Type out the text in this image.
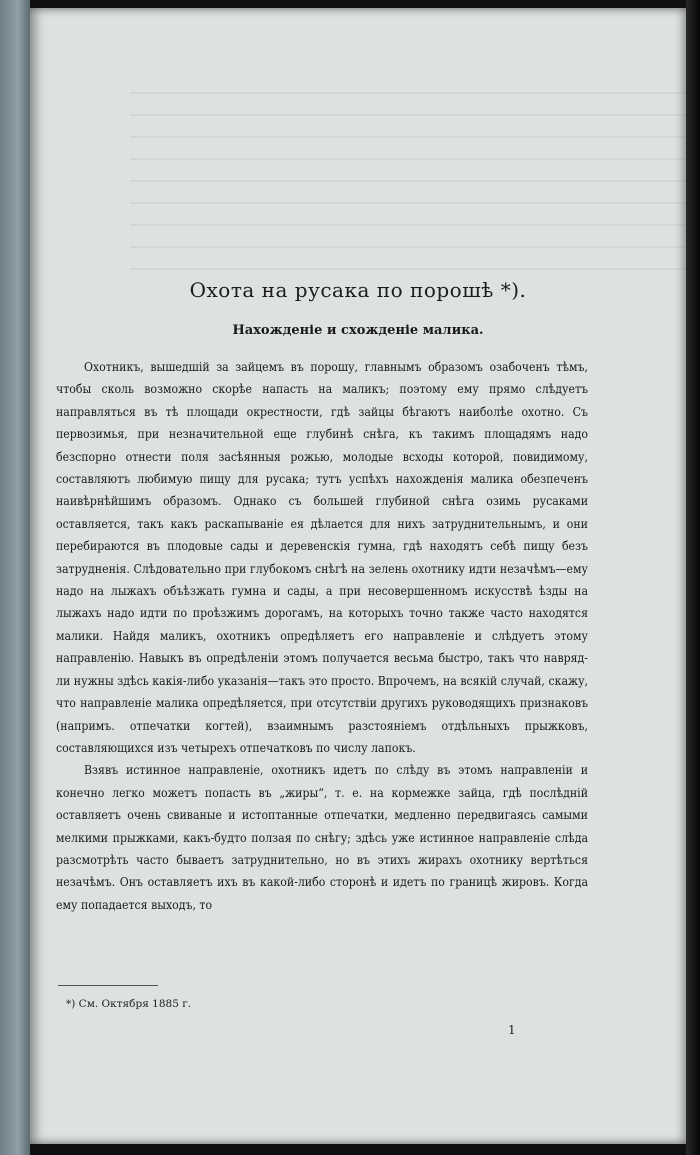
Охота на русака по порошѣ *).
Нахожденіе и схожденіе малика.

Охотникъ, вышедшій за зайцемъ въ порошу, главнымъ образомъ озабоченъ тѣмъ, чтобы сколь возможно скорѣе напасть на маликъ; поэтому ему прямо слѣдуетъ направляться въ тѣ площади окрестности, гдѣ зайцы бѣгаютъ наиболѣе охотно. Съ первозимья, при незначительной еще глубинѣ снѣга, къ такимъ площадямъ надо безспорно отнести поля засѣянныя рожью, молодые всходы которой, повидимому, составляютъ любимую пищу для русака; тутъ успѣхъ нахожденія малика обезпеченъ наивѣрнѣйшимъ образомъ. Однако съ большей глубиной снѣга озимь русаками оставляется, такъ какъ раскапываніе ея дѣлается для нихъ затруднительнымъ, и они перебираются въ плодовые сады и деревенскія гумна, гдѣ находятъ себѣ пищу безъ затрудненія. Слѣдовательно при глубокомъ снѣгѣ на зелень охотнику идти незачѣмъ—ему надо на лыжахъ объѣзжать гумна и сады, а при несовершенномъ искусствѣ ѣзды на лыжахъ надо идти по проѣзжимъ дорогамъ, на которыхъ точно также часто находятся малики. Найдя маликъ, охотникъ опредѣляетъ его направленіе и слѣдуетъ этому направленію. Навыкъ въ опредѣленіи этомъ получается весьма быстро, такъ что навряд-ли нужны здѣсь какія-либо указанія—такъ это просто. Впрочемъ, на всякій случай, скажу, что направленіе малика опредѣляется, при отсутствіи другихъ руководящихъ признаковъ (напримъ. отпечатки когтей), взаимнымъ разстояніемъ отдѣльныхъ прыжковъ, составляющихся изъ четырехъ отпечатковъ по числу лапокъ.

Взявъ истинное направленіе, охотникъ идетъ по слѣду въ этомъ направленіи и конечно легко можетъ попасть въ „жиры“, т. е. на кормежке зайца, гдѣ послѣдній оставляетъ очень свиваные и истоптанные отпечатки, медленно передвигаясь самыми мелкими прыжками, какъ-будто ползая по снѣгу; здѣсь уже истинное направленіе слѣда разсмотрѣть часто бываетъ затруднительно, но въ этихъ жирахъ охотнику вертѣться незачѣмъ. Онъ оставляетъ ихъ въ какой-либо сторонѣ и идетъ по границѣ жировъ. Когда ему попадается выходъ, то

*) См. Октября 1885 г.
1
